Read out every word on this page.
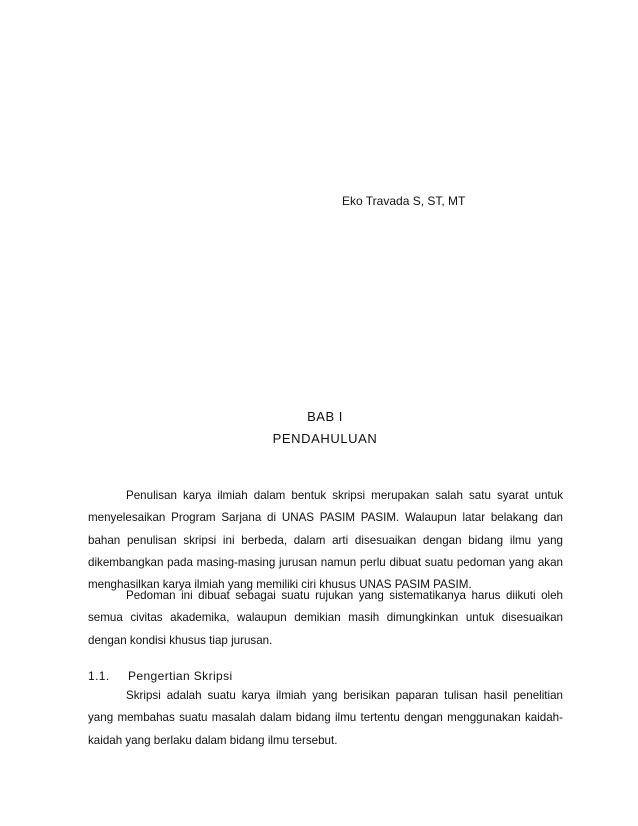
Eko Travada S, ST, MT
BAB I
PENDAHULUAN

Penulisan karya ilmiah dalam bentuk skripsi merupakan salah satu syarat untuk menyelesaikan Program Sarjana di UNAS PASIM PASIM. Walaupun latar belakang dan bahan penulisan skripsi ini berbeda, dalam arti disesuaikan dengan bidang ilmu yang dikembangkan pada masing-masing jurusan namun perlu dibuat suatu pedoman yang akan menghasilkan karya ilmiah yang memiliki ciri khusus UNAS PASIM PASIM.

Pedoman ini dibuat sebagai suatu rujukan yang sistematikanya harus diikuti oleh semua civitas akademika, walaupun demikian masih dimungkinkan untuk disesuaikan dengan kondisi khusus tiap jurusan.

1.1. Pengertian Skripsi

Skripsi adalah suatu karya ilmiah yang berisikan paparan tulisan hasil penelitian yang membahas suatu masalah dalam bidang ilmu tertentu dengan menggunakan kaidah-kaidah yang berlaku dalam bidang ilmu tersebut.
